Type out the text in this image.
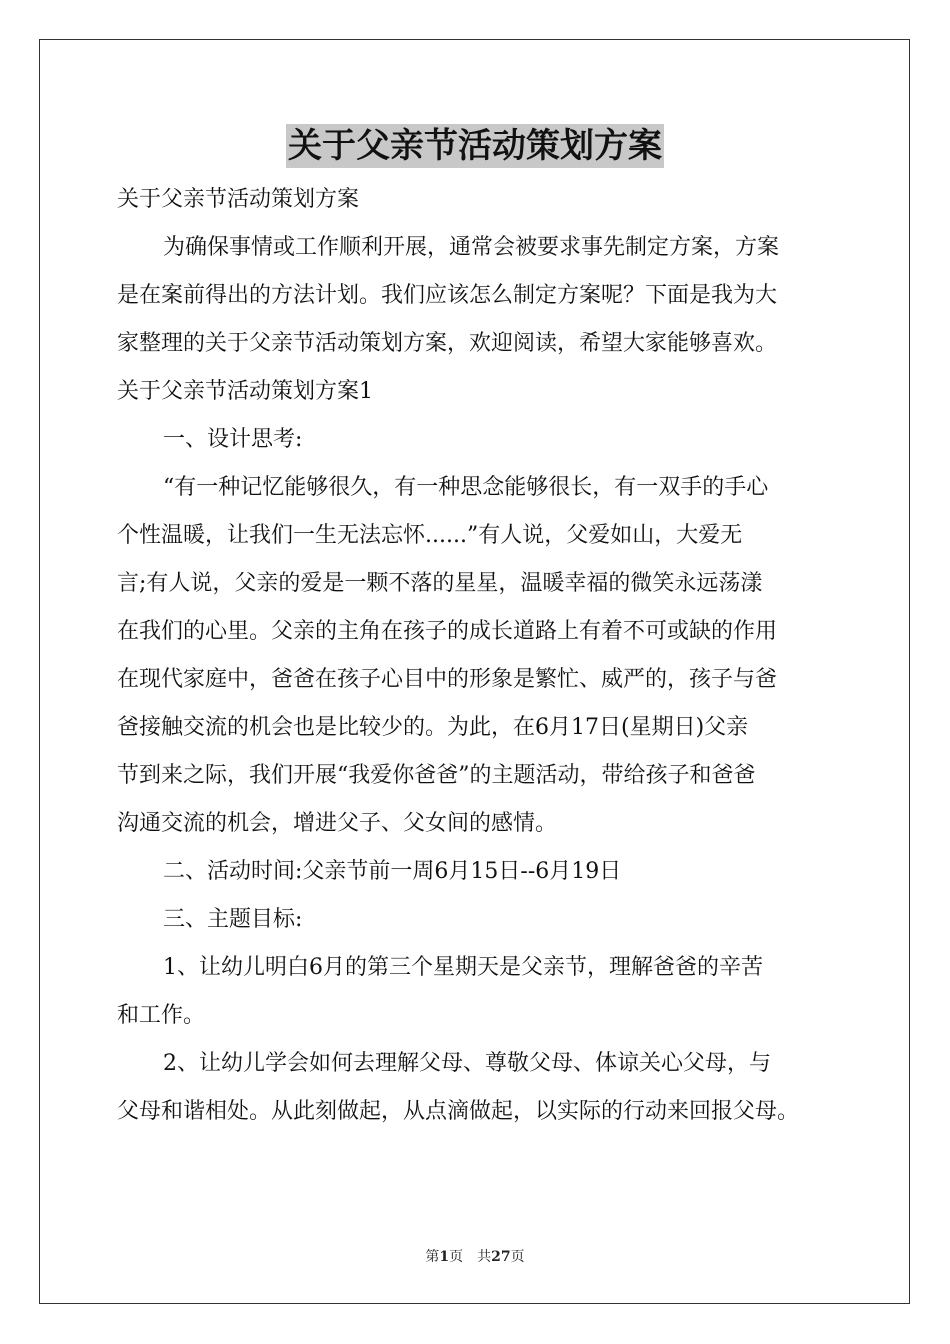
关于父亲节活动策划方案
关于父亲节活动策划方案
为确保事情或工作顺利开展，通常会被要求事先制定方案，方案
是在案前得出的方法计划。我们应该怎么制定方案呢？下面是我为大
家整理的关于父亲节活动策划方案，欢迎阅读，希望大家能够喜欢。
关于父亲节活动策划方案1
一、设计思考:
“有一种记忆能够很久，有一种思念能够很长，有一双手的手心
个性温暖，让我们一生无法忘怀......”有人说，父爱如山，大爱无
言;有人说，父亲的爱是一颗不落的星星，温暖幸福的微笑永远荡漾
在我们的心里。父亲的主角在孩子的成长道路上有着不可或缺的作用
在现代家庭中，爸爸在孩子心目中的形象是繁忙、威严的，孩子与爸
爸接触交流的机会也是比较少的。为此，在6月17日(星期日)父亲
节到来之际，我们开展“我爱你爸爸”的主题活动，带给孩子和爸爸
沟通交流的机会，增进父子、父女间的感情。
二、活动时间:父亲节前一周6月15日--6月19日
三、主题目标:
1、让幼儿明白6月的第三个星期天是父亲节，理解爸爸的辛苦
和工作。
2、让幼儿学会如何去理解父母、尊敬父母、体谅关心父母，与
父母和谐相处。从此刻做起，从点滴做起，以实际的行动来回报父母。
第1页　共27页
